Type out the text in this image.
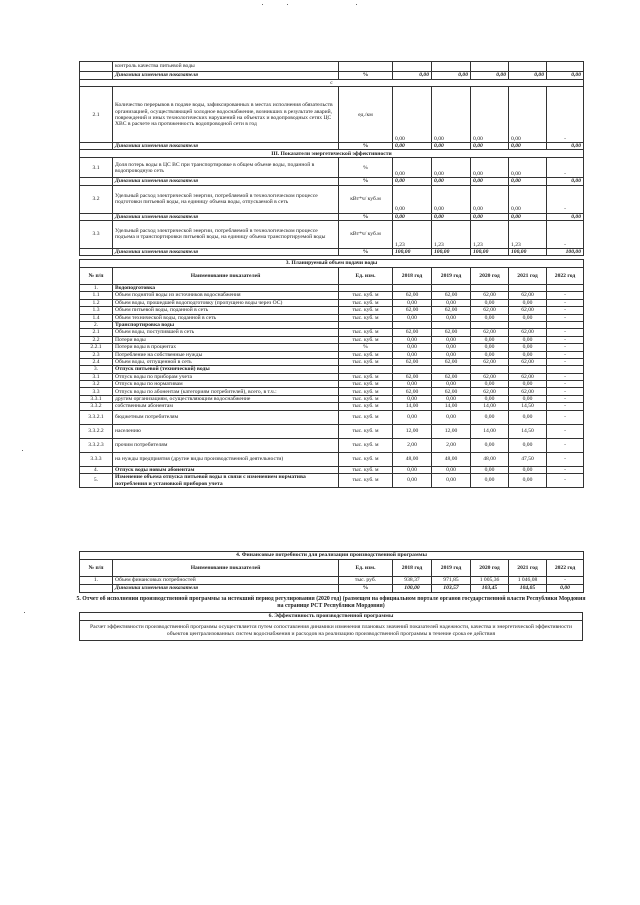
	контроль качества питьевой воды						
	Динамика изменения показателя	%	0,00	0,00	0,00	0,00	0,00
с							
2.1	Количество перерывов в подаче воды, зафиксированных в местах исполнения обязательств организацией, осуществляющей холодное водоснабжение, возникших в результате аварий, повреждений и иных технологических нарушений на объектах и водопроводных сетях ЦС ХВС в расчете на протяженность водопроводной сети в год	ед./км	0,00	0,00	0,00	0,00	-
	Динамика изменения показателя	%	0,00	0,00	0,00	0,00	0,00
III. Показатели энергетической эффективности							
3.1	Доля потерь воды в ЦС ВС при транспортировке в общем объеме воды, поданной в водопроводную сеть	%	0,00	0,00	0,00	0,00	-
	Динамика изменения показателя	%	0,00	0,00	0,00	0,00	0,00
3.2	Удельный расход электрической энергии, потребляемой в технологическом процессе подготовки питьевой воды, на единицу объема воды, отпускаемой в сеть	кВт*ч/ куб.м	0,00	0,00	0,00	0,00	-
	Динамика изменения показателя	%	0,00	0,00	0,00	0,00	0,00
3.3	Удельный расход электрической энергии, потребляемой в технологическом процессе подъема и транспортировки питьевой воды, на единицу объема транспортируемой воды	кВт*ч/ куб.м	1,23	1,23	1,23	1,23	-
	Динамика изменения показателя	%	100,00	100,00	100,00	100,00	100,00
3. Планируемый объем подачи воды							
№ п/п	Наименование показателей	Ед. изм.	2018 год	2019 год	2020 год	2021 год	2022 год
1.	Водоподготовка						
1.1	Объем поднятой воды из источников водоснабжения	тыс. куб. м	62,00	62,00	62,00	62,00	-
1.2	Объем воды, прошедшей водоподготовку (пропущено воды через ОС)	тыс. куб. м	0,00	0,00	0,00	0,00	-
1.3	Объем питьевой воды, поданной в сеть	тыс. куб. м	62,00	62,00	62,00	62,00	-
1.4	Объем технической воды, поданной в сеть	тыс. куб. м	0,00	0,00	0,00	0,00	-
2.	Транспортировка воды						
2.1	Объем воды, поступившей в сеть	тыс. куб. м	62,00	62,00	62,00	62,00	-
2.2	Потери воды	тыс. куб. м	0,00	0,00	0,00	0,00	-
2.2.1	Потери воды в процентах	%	0,00	0,00	0,00	0,00	-
2.3	Потребление на собственные нужды	тыс. куб. м	0,00	0,00	0,00	0,00	-
2.4	Объем воды, отпущенной в сеть	тыс. куб. м	62,00	62,00	62,00	62,00	-
3.	Отпуск питьевой (технической) воды						
3.1	Отпуск воды по приборам учета	тыс. куб. м	62,00	62,00	62,00	62,00	-
3.2	Отпуск воды по нормативам	тыс. куб. м	0,00	0,00	0,00	0,00	-
3.3	Отпуск воды по абонентам (категориям потребителей), всего, в т.ч.:	тыс. куб. м	62,00	62,00	62,00	62,00	-
3.3.1	другим организациям, осуществляющим водоснабжение	тыс. куб. м	0,00	0,00	0,00	0,00	-
3.3.2	собственным абонентам	тыс. куб. м	14,00	14,00	14,00	14,50	-
3.3.2.1	бюджетным потребителям	тыс. куб. м	0,00	0,00	0,00	0,00	-
3.3.2.2	населению	тыс. куб. м	12,00	12,00	14,00	14,50	-
3.3.2.3	прочим потребителям	тыс. куб. м	2,00	2,00	0,00	0,00	-
3.3.3	на нужды предприятия (другие виды производственной деятельности)	тыс. куб. м	48,00	48,00	48,00	47,50	-
4.	Отпуск воды новым абонентам	тыс. куб. м	0,00	0,00	0,00	0,00	-
5.	Изменение объема отпуска питьевой воды в связи с изменением норматива потребления и установкой приборов учета	тыс. куб. м	0,00	0,00	0,00	0,00	-
4. Финансовые потребности для реализации производственной программы							
№ п/п	Наименование показателей	Ед. изм.	2018 год	2019 год	2020 год	2021 год	2022 год
1.	Объем финансовых потребностей	тыс. руб.	938,37	971,85	1 005,36	1 046,08	-
	Динамика изменения показателя	%	100,00	103,57	103,45	104,05	0,00
5. Отчет об исполнении производственной программы за истекший период регулирования (2020 год) (размещен на официальном портале органов государственной власти Республики Мордовия на странице РСТ Республики Мордовия)
6. Эффективность производственной программы
Расчет эффективности производственной программы осуществляется путем сопоставления динамики изменения плановых значений показателей надежности, качества и энергетической эффективности объектов централизованных систем водоснабжения и расходов на реализацию производственной программы в течение срока ее действия
